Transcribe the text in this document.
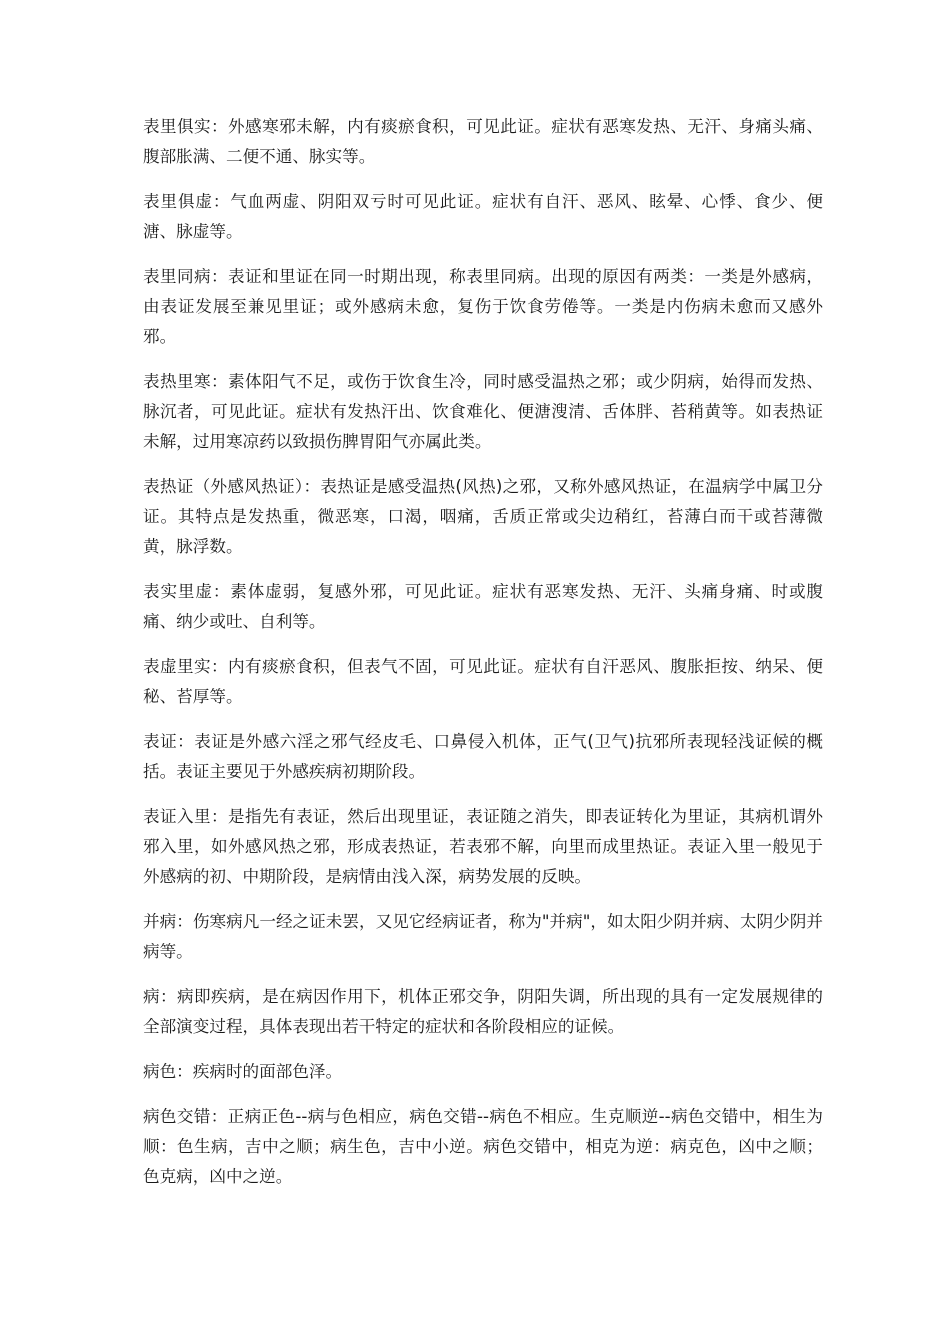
表里俱实：外感寒邪未解，内有痰瘀食积，可见此证。症状有恶寒发热、无汗、身痛头痛、腹部胀满、二便不通、脉实等。

表里俱虚：气血两虚、阴阳双亏时可见此证。症状有自汗、恶风、眩晕、心悸、食少、便溏、脉虚等。

表里同病：表证和里证在同一时期出现，称表里同病。出现的原因有两类：一类是外感病，由表证发展至兼见里证；或外感病未愈，复伤于饮食劳倦等。一类是内伤病未愈而又感外邪。

表热里寒：素体阳气不足，或伤于饮食生冷，同时感受温热之邪；或少阴病，始得而发热、脉沉者，可见此证。症状有发热汗出、饮食难化、便溏溲清、舌体胖、苔稍黄等。如表热证未解，过用寒凉药以致损伤脾胃阳气亦属此类。

表热证（外感风热证）：表热证是感受温热(风热)之邪，又称外感风热证，在温病学中属卫分证。其特点是发热重，微恶寒，口渴，咽痛，舌质正常或尖边稍红，苔薄白而干或苔薄微黄，脉浮数。

表实里虚：素体虚弱，复感外邪，可见此证。症状有恶寒发热、无汗、头痛身痛、时或腹痛、纳少或吐、自利等。

表虚里实：内有痰瘀食积，但表气不固，可见此证。症状有自汗恶风、腹胀拒按、纳呆、便秘、苔厚等。

表证：表证是外感六淫之邪气经皮毛、口鼻侵入机体，正气(卫气)抗邪所表现轻浅证候的概括。表证主要见于外感疾病初期阶段。

表证入里：是指先有表证，然后出现里证，表证随之消失，即表证转化为里证，其病机谓外邪入里，如外感风热之邪，形成表热证，若表邪不解，向里而成里热证。表证入里一般见于外感病的初、中期阶段，是病情由浅入深，病势发展的反映。

并病：伤寒病凡一经之证未罢，又见它经病证者，称为"并病"，如太阳少阴并病、太阴少阴并病等。

病：病即疾病，是在病因作用下，机体正邪交争，阴阳失调，所出现的具有一定发展规律的全部演变过程，具体表现出若干特定的症状和各阶段相应的证候。

病色：疾病时的面部色泽。

病色交错：正病正色--病与色相应，病色交错--病色不相应。生克顺逆--病色交错中，相生为顺：色生病，吉中之顺；病生色，吉中小逆。病色交错中，相克为逆：病克色，凶中之顺；色克病，凶中之逆。
